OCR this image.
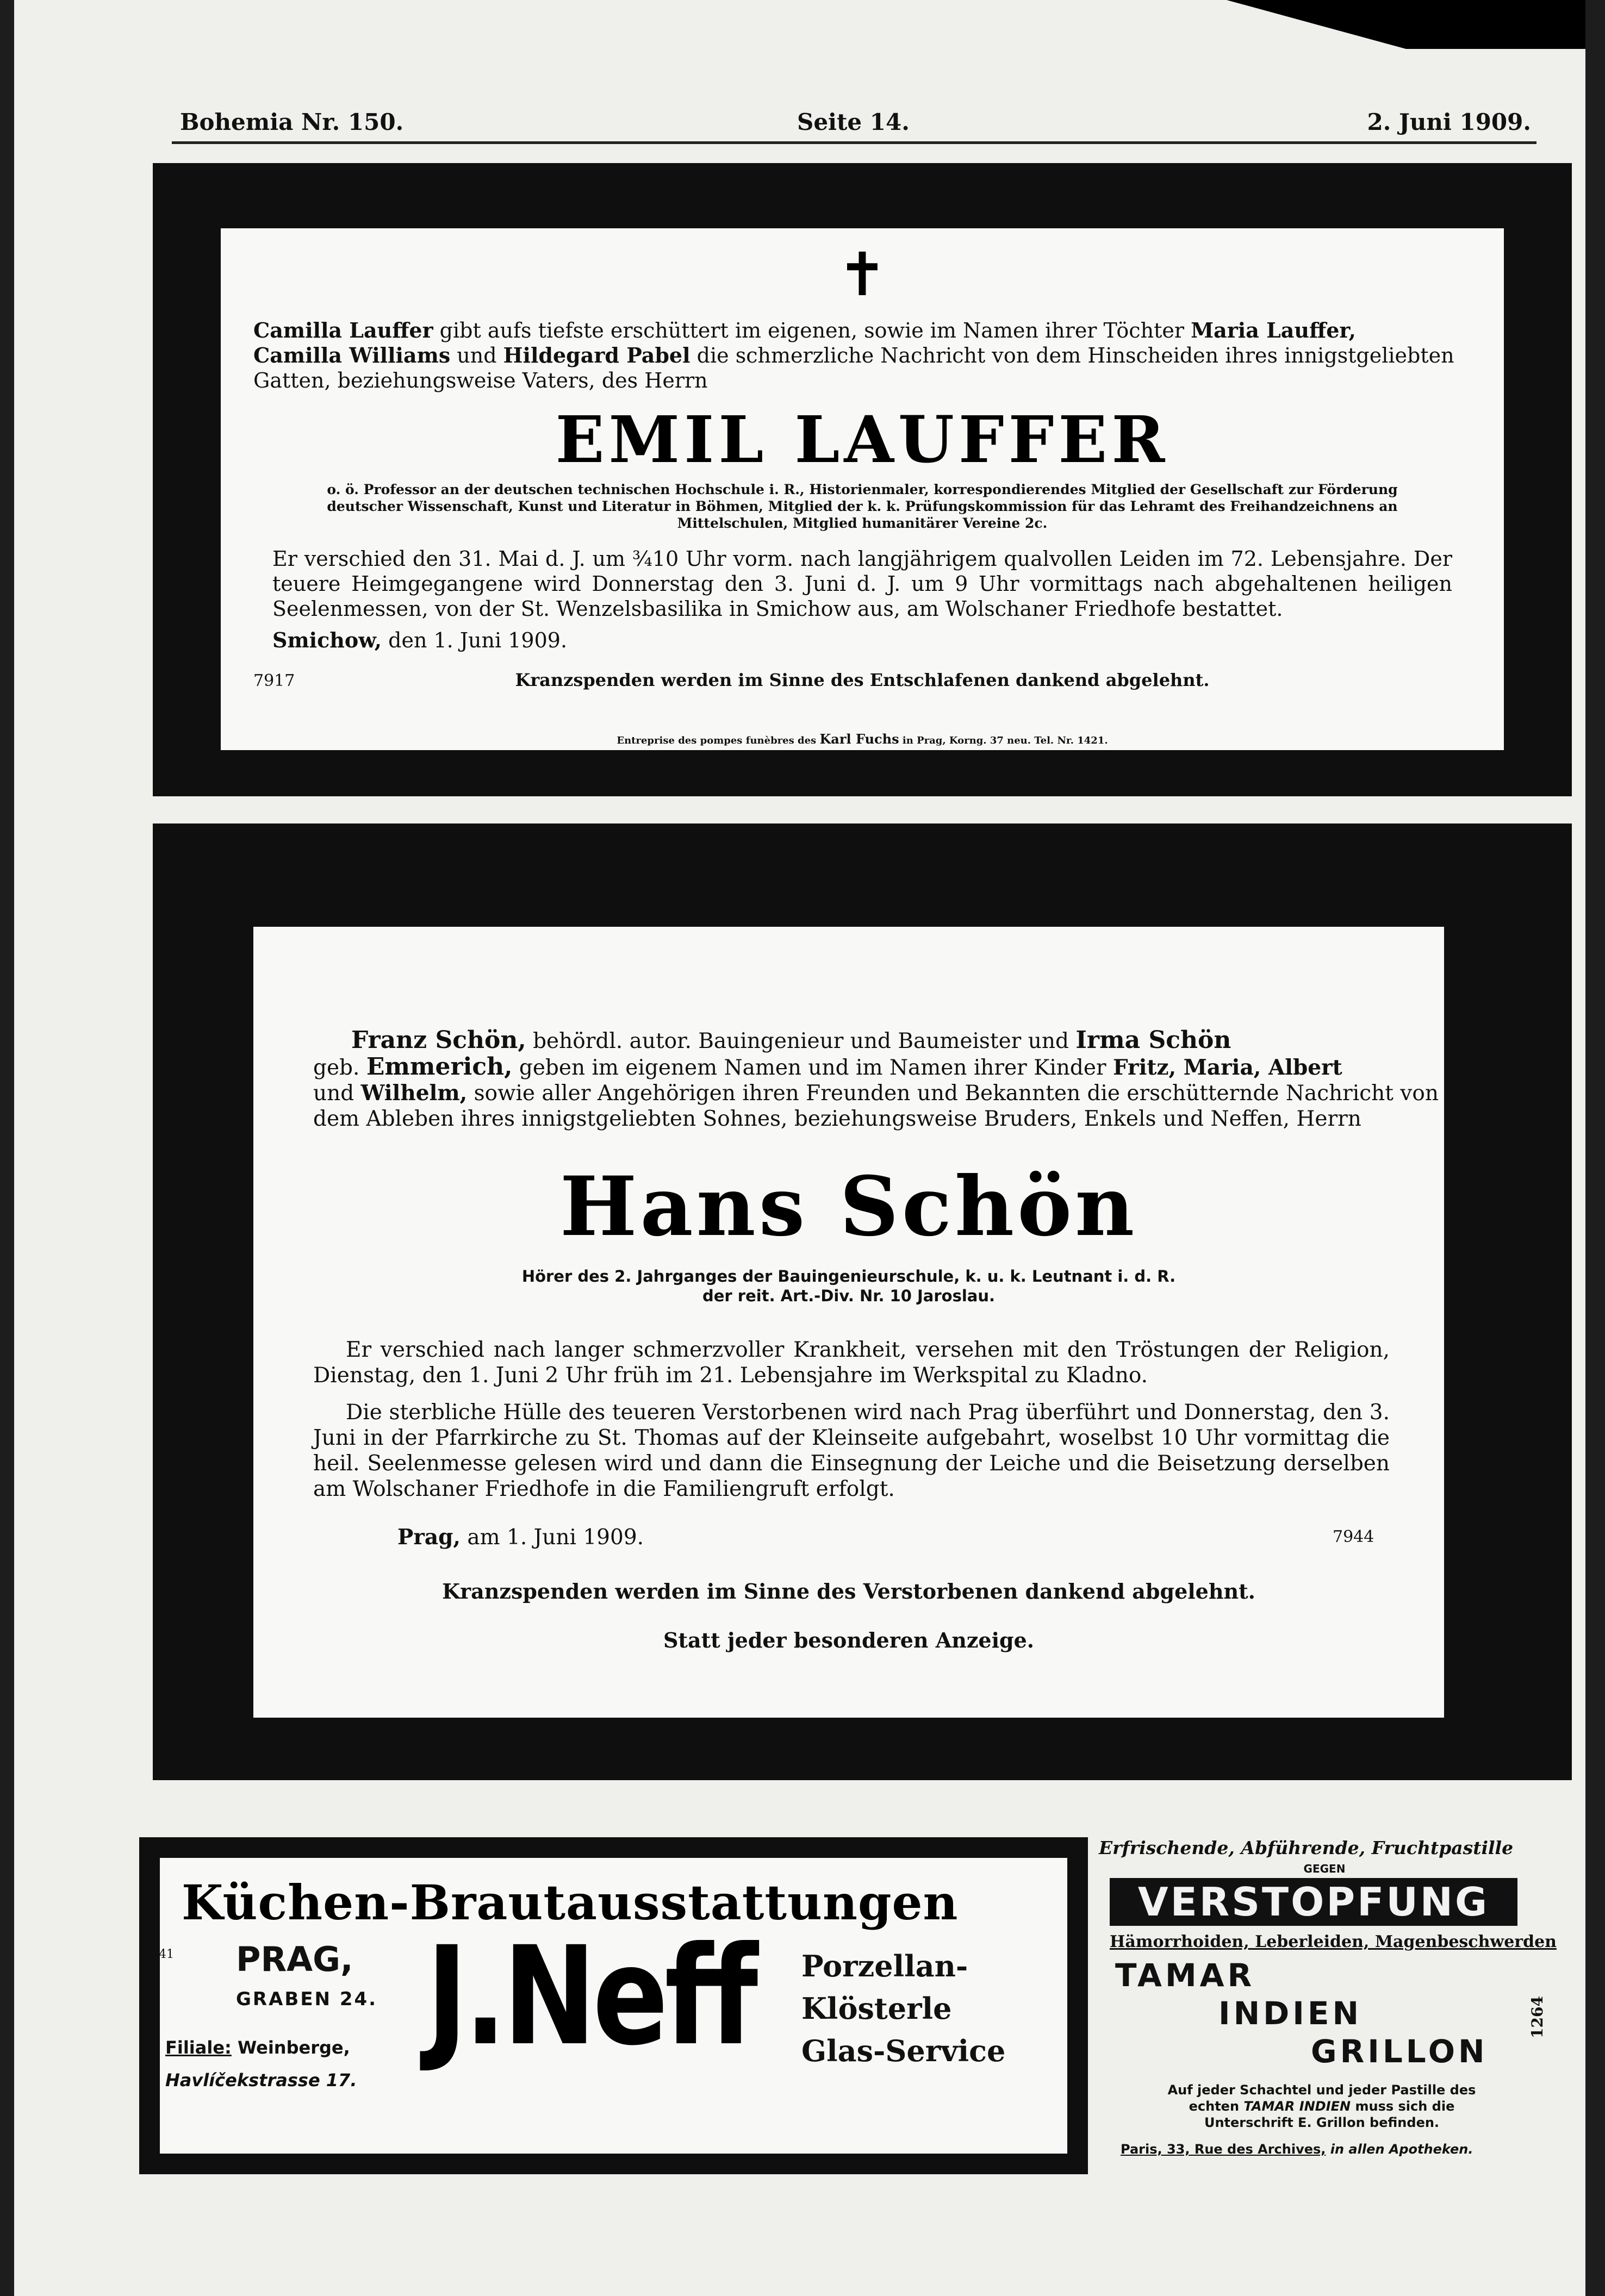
Bohemia Nr. 150.	Seite 14.	2. Juni 1909.
✝
Camilla Lauffer gibt aufs tiefste erschüttert im eigenen, sowie im Namen ihrer Töchter Maria Lauffer,
Camilla Williams und Hildegard Pabel die schmerzliche Nachricht von dem Hinscheiden ihres innigstgeliebten
Gatten, beziehungsweise Vaters, des Herrn
EMIL LAUFFER
o. ö. Professor an der deutschen technischen Hochschule i. R., Historienmaler, korrespondierendes Mitglied der Gesellschaft zur Förderung deutscher Wissenschaft, Kunst und Literatur in Böhmen, Mitglied der k. k. Prüfungskommission für das Lehramt des Freihandzeichnens an Mittelschulen, Mitglied humanitärer Vereine 2c.
Er verschied den 31. Mai d. J. um ¾10 Uhr vorm. nach langjährigem qualvollen Leiden im 72. Lebensjahre. Der teuere Heimgegangene wird Donnerstag den 3. Juni d. J. um 9 Uhr vormittags nach abgehaltenen heiligen Seelenmessen, von der St. Wenzelsbasilika in Smichow aus, am Wolschaner Friedhofe bestattet.
Smichow, den 1. Juni 1909.
7917	Kranzspenden werden im Sinne des Entschlafenen dankend abgelehnt.
Entreprise des pompes funèbres des Karl Fuchs in Prag, Korng. 37 neu. Tel. Nr. 1421.
Franz Schön, behördl. autor. Bauingenieur und Baumeister und Irma Schön
geb. Emmerich, geben im eigenem Namen und im Namen ihrer Kinder Fritz, Maria, Albert
und Wilhelm, sowie aller Angehörigen ihren Freunden und Bekannten die erschütternde Nachricht von
dem Ableben ihres innigstgeliebten Sohnes, beziehungsweise Bruders, Enkels und Neffen, Herrn
Hans Schön
Hörer des 2. Jahrganges der Bauingenieurschule, k. u. k. Leutnant i. d. R.
der reit. Art.-Div. Nr. 10 Jaroslau.
Er verschied nach langer schmerzvoller Krankheit, versehen mit den Tröstungen der Religion, Dienstag, den 1. Juni 2 Uhr früh im 21. Lebensjahre im Werkspital zu Kladno.
Die sterbliche Hülle des teueren Verstorbenen wird nach Prag überführt und Donnerstag, den 3. Juni in der Pfarrkirche zu St. Thomas auf der Kleinseite aufgebahrt, woselbst 10 Uhr vormittag die heil. Seelenmesse gelesen wird und dann die Einsegnung der Leiche und die Beisetzung derselben am Wolschaner Friedhofe in die Familiengruft erfolgt.
Prag, am 1. Juni 1909.	7944
Kranzspenden werden im Sinne des Verstorbenen dankend abgelehnt.
Statt jeder besonderen Anzeige.
Küchen-Brautausstattungen
7941 PRAG,
GRABEN 24.
Filiale: Weinberge,
Havlíčekstrasse 17.
J.Neff Porzellan-
Klösterle
Glas-Service
Erfrischende, Abführende, Fruchtpastille
GEGEN
VERSTOPFUNG
Hämorrhoiden, Leberleiden, Magenbeschwerden
TAMAR
INDIEN
GRILLON
1264
Auf jeder Schachtel und jeder Pastille des
echten TAMAR INDIEN muss sich die
Unterschrift E. Grillon befinden.
Paris, 33, Rue des Archives, in allen Apotheken.
